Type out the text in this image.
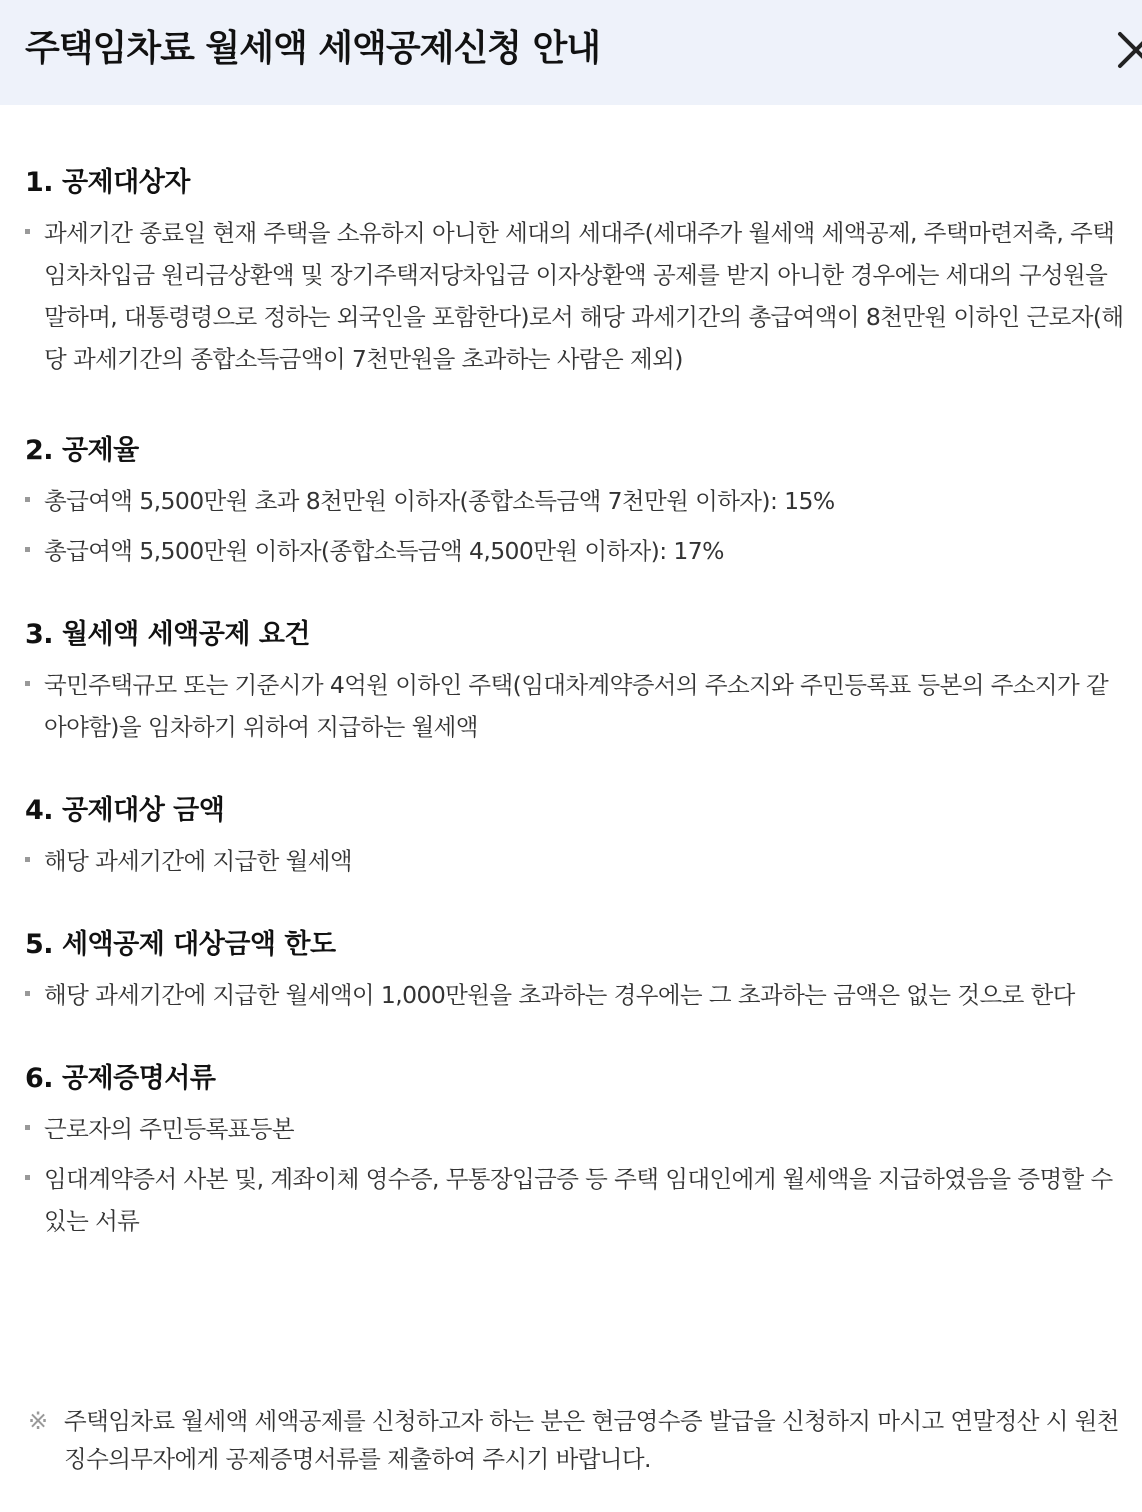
주택임차료 월세액 세액공제신청 안내
1. 공제대상자
과세기간 종료일 현재 주택을 소유하지 아니한 세대의 세대주(세대주가 월세액 세액공제, 주택마련저축, 주택임차차입금 원리금상환액 및 장기주택저당차입금 이자상환액 공제를 받지 아니한 경우에는 세대의 구성원을 말하며, 대통령령으로 정하는 외국인을 포함한다)로서 해당 과세기간의 총급여액이 8천만원 이하인 근로자(해당 과세기간의 종합소득금액이 7천만원을 초과하는 사람은 제외)
2. 공제율
총급여액 5,500만원 초과 8천만원 이하자(종합소득금액 7천만원 이하자): 15%
총급여액 5,500만원 이하자(종합소득금액 4,500만원 이하자): 17%
3. 월세액 세액공제 요건
국민주택규모 또는 기준시가 4억원 이하인 주택(임대차계약증서의 주소지와 주민등록표 등본의 주소지가 같아야함)을 임차하기 위하여 지급하는 월세액
4. 공제대상 금액
해당 과세기간에 지급한 월세액
5. 세액공제 대상금액 한도
해당 과세기간에 지급한 월세액이 1,000만원을 초과하는 경우에는 그 초과하는 금액은 없는 것으로 한다
6. 공제증명서류
근로자의 주민등록표등본
임대계약증서 사본 및, 계좌이체 영수증, 무통장입금증 등 주택 임대인에게 월세액을 지급하였음을 증명할 수 있는 서류
※ 주택임차료 월세액 세액공제를 신청하고자 하는 분은 현금영수증 발급을 신청하지 마시고 연말정산 시 원천징수의무자에게 공제증명서류를 제출하여 주시기 바랍니다.
